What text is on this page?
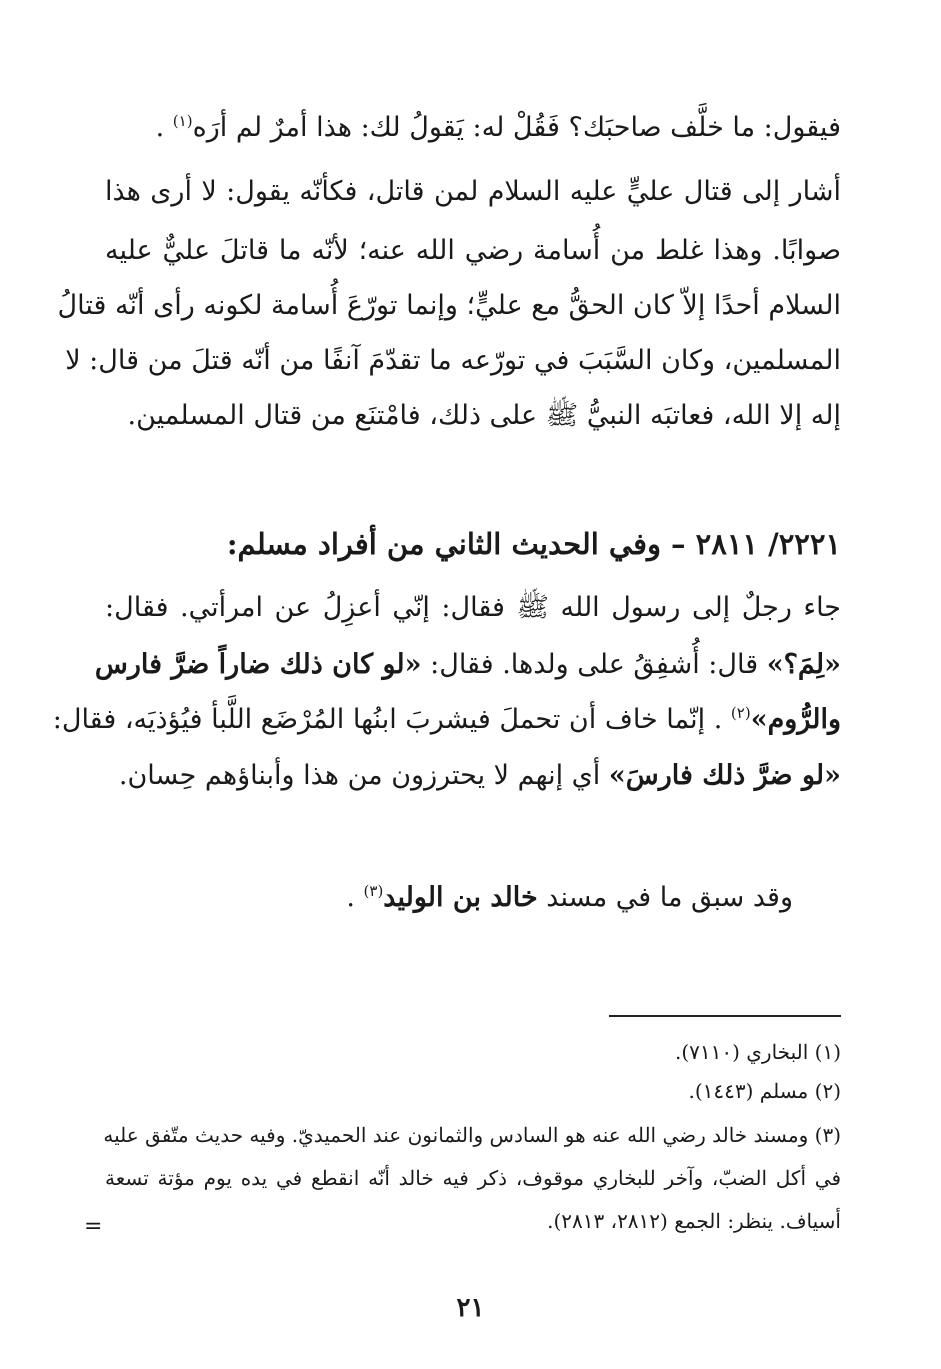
فيقول: ما خلَّف صاحبَك؟ فَقُلْ له: يَقولُ لك: هذا أمرٌ لم أرَه$^{(١)}$ .
أشار إلى قتال عليٍّ عليه السلام لمن قاتل، فكأنّه يقول: لا أرى هذا
صوابًا. وهذا غلط من أُسامة رضي الله عنه؛ لأنّه ما قاتلَ عليٌّ عليه
السلام أحدًا إلاّ كان الحقُّ مع عليٍّ؛ وإنما تورّعَ أُسامة لكونه رأى أنّه قتالُ
المسلمين، وكان السَّبَبَ في تورّعه ما تقدّمَ آنفًا من أنّه قتلَ من قال: لا
إله إلا الله، فعاتبَه النبيُّ ﷺ على ذلك، فامْتنَع من قتال المسلمين.
٢٢٢١/ ٢٨١١ – وفي الحديث الثاني من أفراد مسلم:
جاء رجلٌ إلى رسول الله ﷺ فقال: إنّي أعزِلُ عن امرأتي. فقال:
«لِمَ؟» قال: أُشفِقُ على ولدها. فقال: «لو كان ذلك ضاراً ضرَّ فارس
والرُّوم»$^{(٢)}$ . إنّما خاف أن تحملَ فيشربَ ابنُها المُرْضَع اللَّبأ فيُؤذيَه، فقال:
«لو ضرَّ ذلك فارسَ» أي إنهم لا يحترزون من هذا وأبناؤهم حِسان.
وقد سبق ما في مسند خالد بن الوليد$^{(٣)}$ .
(١) البخاري (٧١١٠).
(٢) مسلم (١٤٤٣).
(٣) ومسند خالد رضي الله عنه هو السادس والثمانون عند الحميديّ. وفيه حديث متّفق عليه
في أكل الضبّ، وآخر للبخاري موقوف، ذكر فيه خالد أنّه انقطع في يده يوم مؤتة تسعة
أسياف. ينظر: الجمع (٢٨١٢، ٢٨١٣).
=
٢١
